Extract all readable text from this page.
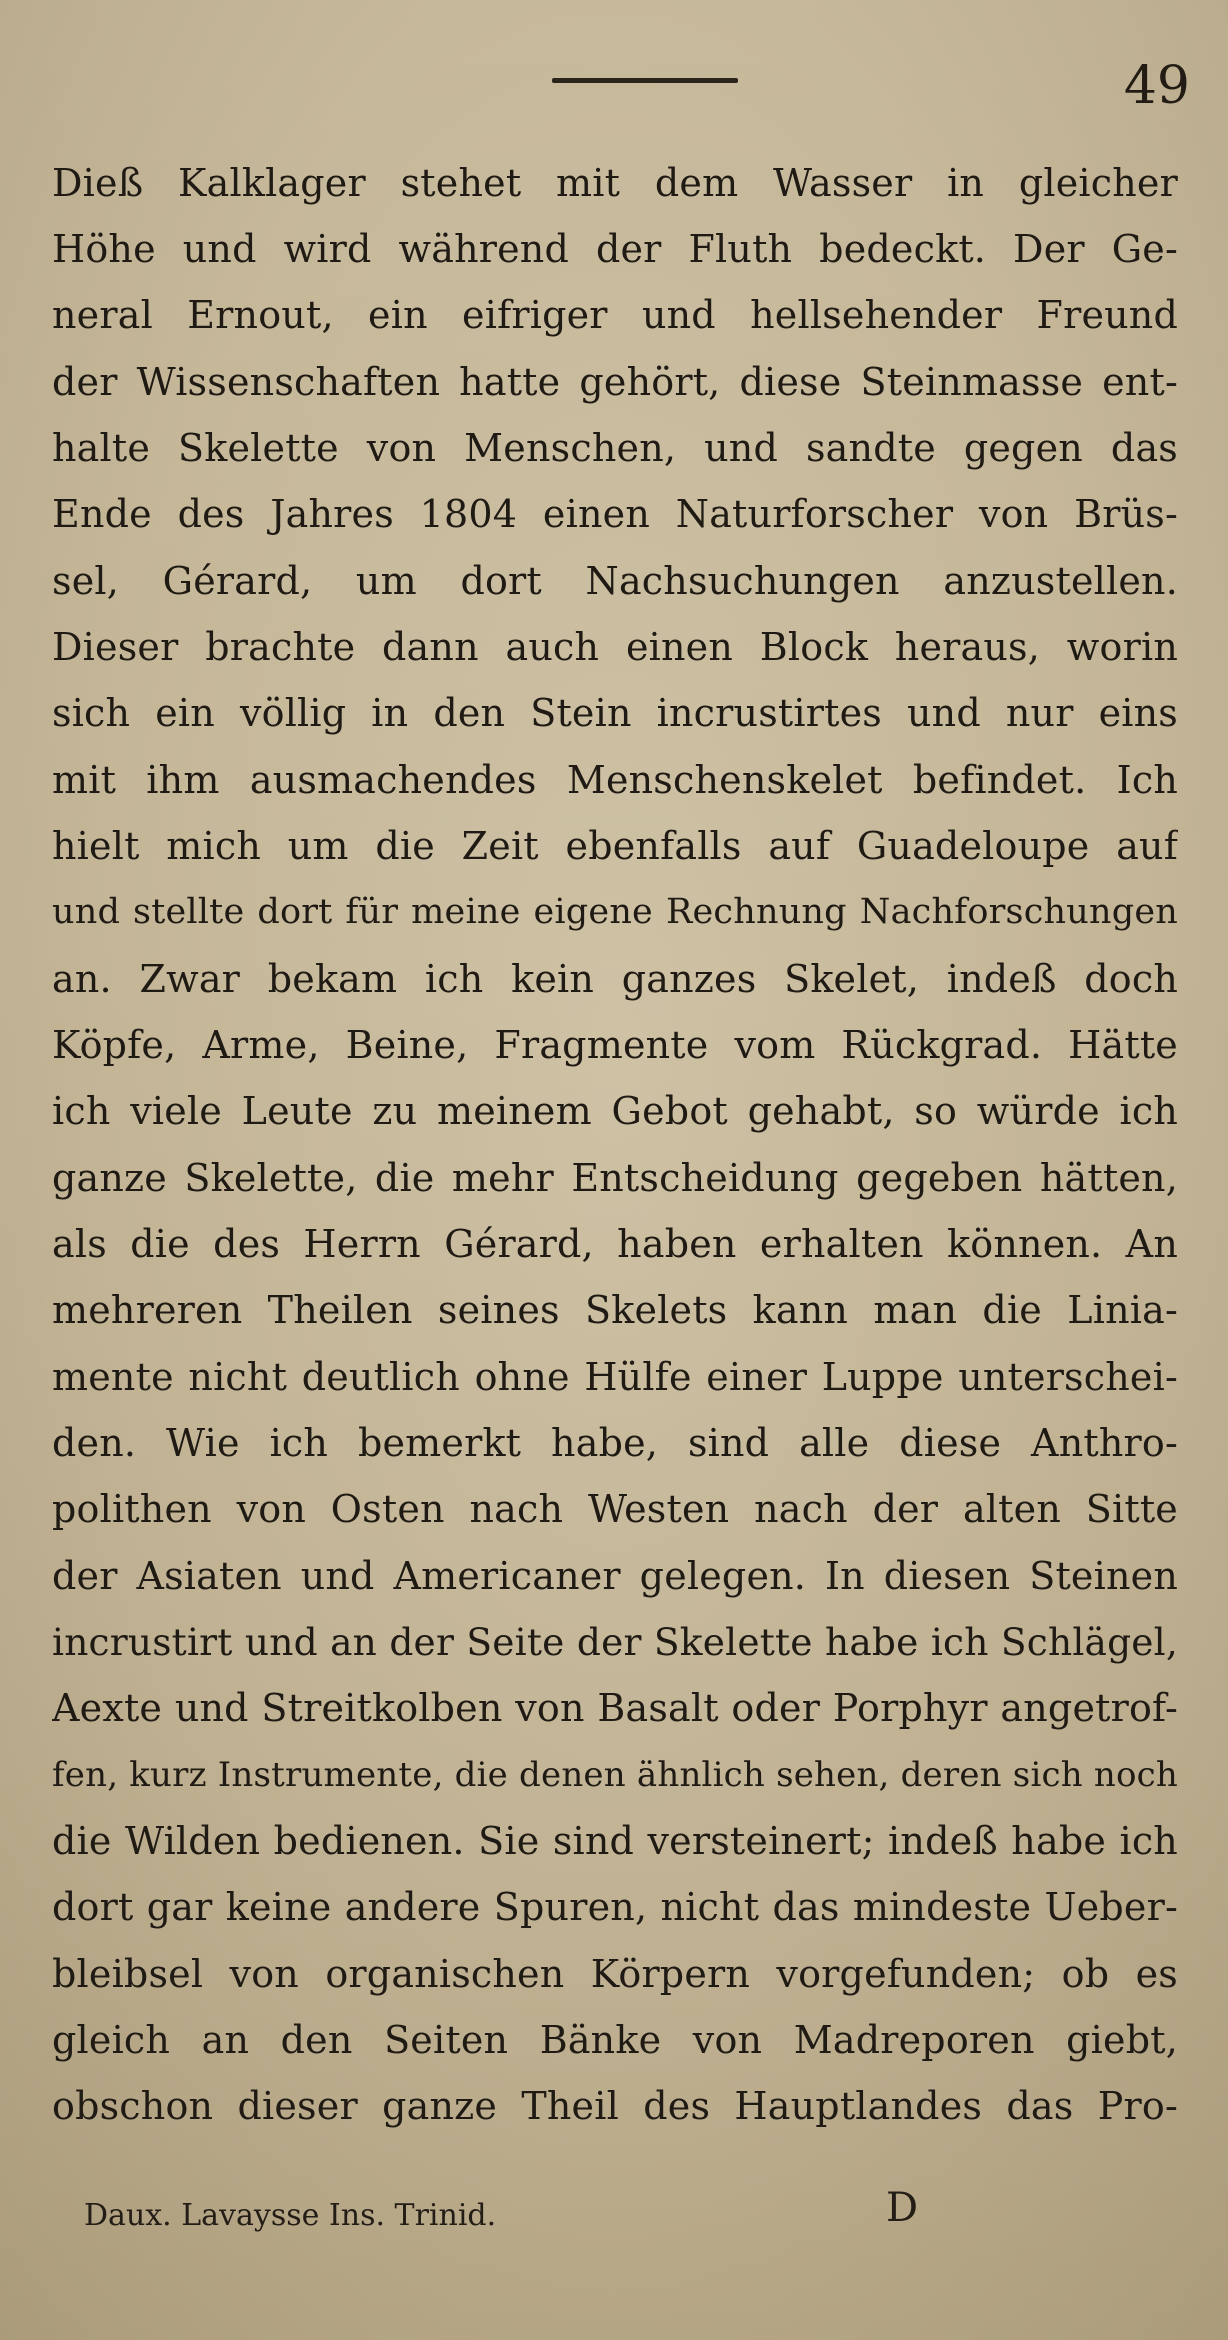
49

Dieß Kalklager stehet mit dem Wasser in gleicher
Höhe und wird während der Fluth bedeckt. Der Ge-
neral Ernout, ein eifriger und hellsehender Freund
der Wissenschaften hatte gehört, diese Steinmasse ent-
halte Skelette von Menschen, und sandte gegen das
Ende des Jahres 1804 einen Naturforscher von Brüs-
sel, Gérard, um dort Nachsuchungen anzustellen.
Dieser brachte dann auch einen Block heraus, worin
sich ein völlig in den Stein incrustirtes und nur eins
mit ihm ausmachendes Menschenskelet befindet. Ich
hielt mich um die Zeit ebenfalls auf Guadeloupe auf
und stellte dort für meine eigene Rechnung Nachforschungen
an. Zwar bekam ich kein ganzes Skelet, indeß doch
Köpfe, Arme, Beine, Fragmente vom Rückgrad. Hätte
ich viele Leute zu meinem Gebot gehabt, so würde ich
ganze Skelette, die mehr Entscheidung gegeben hätten,
als die des Herrn Gérard, haben erhalten können. An
mehreren Theilen seines Skelets kann man die Linia-
mente nicht deutlich ohne Hülfe einer Luppe unterschei-
den. Wie ich bemerkt habe, sind alle diese Anthro-
polithen von Osten nach Westen nach der alten Sitte
der Asiaten und Americaner gelegen. In diesen Steinen
incrustirt und an der Seite der Skelette habe ich Schlägel,
Aexte und Streitkolben von Basalt oder Porphyr angetrof-
fen, kurz Instrumente, die denen ähnlich sehen, deren sich noch
die Wilden bedienen. Sie sind versteinert; indeß habe ich
dort gar keine andere Spuren, nicht das mindeste Ueber-
bleibsel von organischen Körpern vorgefunden; ob es
gleich an den Seiten Bänke von Madreporen giebt,
obschon dieser ganze Theil des Hauptlandes das Pro-
Daux. Lavaysse Ins. Trinid.	D
